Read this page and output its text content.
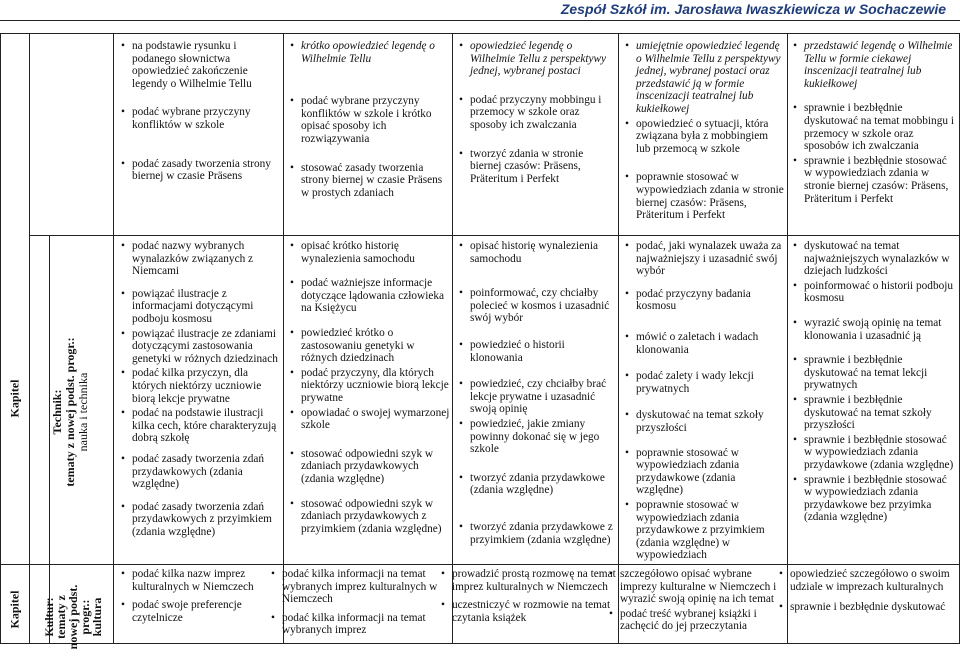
Zespół Szkół im. Jarosława Iwaszkiewicza w Sochaczewie
Kapitel
Kapitel
Technik: tematy z nowej podst. progr.: nauka i technika
Kultur:
tematy z
nowej podst.
progr.:
kultura
• na podstawie rysunku i podanego słownictwa opowiedzieć zakończenie legendy o Wilhelmie Tellu
• podać wybrane przyczyny konfliktów w szkole
• podać zasady tworzenia strony biernej w czasie Präsens
• krótko opowiedzieć legendę o Wilhelmie Tellu
• podać wybrane przyczyny konfliktów w szkole i krótko opisać sposoby ich rozwiązywania
• stosować zasady tworzenia strony biernej w czasie Präsens w prostych zdaniach
• opowiedzieć legendę o Wilhelmie Tellu z perspektywy jednej, wybranej postaci
• podać przyczyny mobbingu i przemocy w szkole oraz sposoby ich zwalczania
• tworzyć zdania w stronie biernej czasów: Präsens, Präteritum i Perfekt
• umiejętnie opowiedzieć legendę o Wilhelmie Tellu z perspektywy jednej, wybranej postaci oraz przedstawić ją w formie inscenizacji teatralnej lub kukiełkowej
• opowiedzieć o sytuacji, która związana była z mobbingiem lub przemocą w szkole
• poprawnie stosować w wypowiedziach zdania w stronie biernej czasów: Präsens, Präteritum i Perfekt
• przedstawić legendę o Wilhelmie Tellu w formie ciekawej inscenizacji teatralnej lub kukiełkowej
• sprawnie i bezbłędnie dyskutować na temat mobbingu i przemocy w szkole oraz sposobów ich zwalczania
• sprawnie i bezbłędnie stosować w wypowiedziach zdania w stronie biernej czasów: Präsens, Präteritum i Perfekt
• podać nazwy wybranych wynalazków związanych z Niemcami
• powiązać ilustracje z informacjami dotyczącymi podboju kosmosu
• powiązać ilustracje ze zdaniami dotyczącymi zastosowania genetyki w różnych dziedzinach
• podać kilka przyczyn, dla których niektórzy uczniowie biorą lekcje prywatne
• podać na podstawie ilustracji kilka cech, które charakteryzują dobrą szkołę
• podać zasady tworzenia zdań przydawkowych (zdania względne)
• podać zasady tworzenia zdań przydawkowych z przyimkiem (zdania względne)
• opisać krótko historię wynalezienia samochodu
• podać ważniejsze informacje dotyczące lądowania człowieka na Księżycu
• powiedzieć krótko o zastosowaniu genetyki w różnych dziedzinach
• podać przyczyny, dla których niektórzy uczniowie biorą lekcje prywatne
• opowiadać o swojej wymarzonej szkole
• stosować odpowiedni szyk w zdaniach przydawkowych (zdania względne)
• stosować odpowiedni szyk w zdaniach przydawkowych z przyimkiem (zdania względne)
• opisać historię wynalezienia samochodu
• poinformować, czy chciałby polecieć w kosmos i uzasadnić swój wybór
• powiedzieć o historii klonowania
• powiedzieć, czy chciałby brać lekcje prywatne i uzasadnić swoją opinię
• powiedzieć, jakie zmiany powinny dokonać się w jego szkole
• tworzyć zdania przydawkowe (zdania względne)
• tworzyć zdania przydawkowe z przyimkiem (zdania względne)
• podać, jaki wynalazek uważa za najważniejszy i uzasadnić swój wybór
• podać przyczyny badania kosmosu
• mówić o zaletach i wadach klonowania
• podać zalety i wady lekcji prywatnych
• dyskutować na temat szkoły przyszłości
• poprawnie stosować w wypowiedziach zdania przydawkowe (zdania względne)
• poprawnie stosować w wypowiedziach zdania przydawkowe z przyimkiem (zdania względne) w wypowiedziach
• dyskutować na temat najważniejszych wynalazków w dziejach ludzkości
• poinformować o historii podboju kosmosu
• wyrazić swoją opinię na temat klonowania i uzasadnić ją
• sprawnie i bezbłędnie dyskutować na temat lekcji prywatnych
• sprawnie i bezbłędnie dyskutować na temat szkoły przyszłości
• sprawnie i bezbłędnie stosować w wypowiedziach zdania przydawkowe (zdania względne)
• sprawnie i bezbłędnie stosować w wypowiedziach zdania przydawkowe bez przyimka (zdania względne)
• podać kilka nazw imprez kulturalnych w Niemczech
• podać swoje preferencje czytelnicze
• podać kilka informacji na temat wybranych imprez kulturalnych w Niemczech
• podać kilka informacji na temat wybranych imprez
• prowadzić prostą rozmowę na temat imprez kulturalnych w Niemczech
• uczestniczyć w rozmowie na temat czytania książek
• szczegółowo opisać wybrane imprezy kulturalne w Niemczech i wyrazić swoją opinię na ich temat
• podać treść wybranej książki i zachęcić do jej przeczytania
• opowiedzieć szczegółowo o swoim udziale w imprezach kulturalnych
• sprawnie i bezbłędnie dyskutować
